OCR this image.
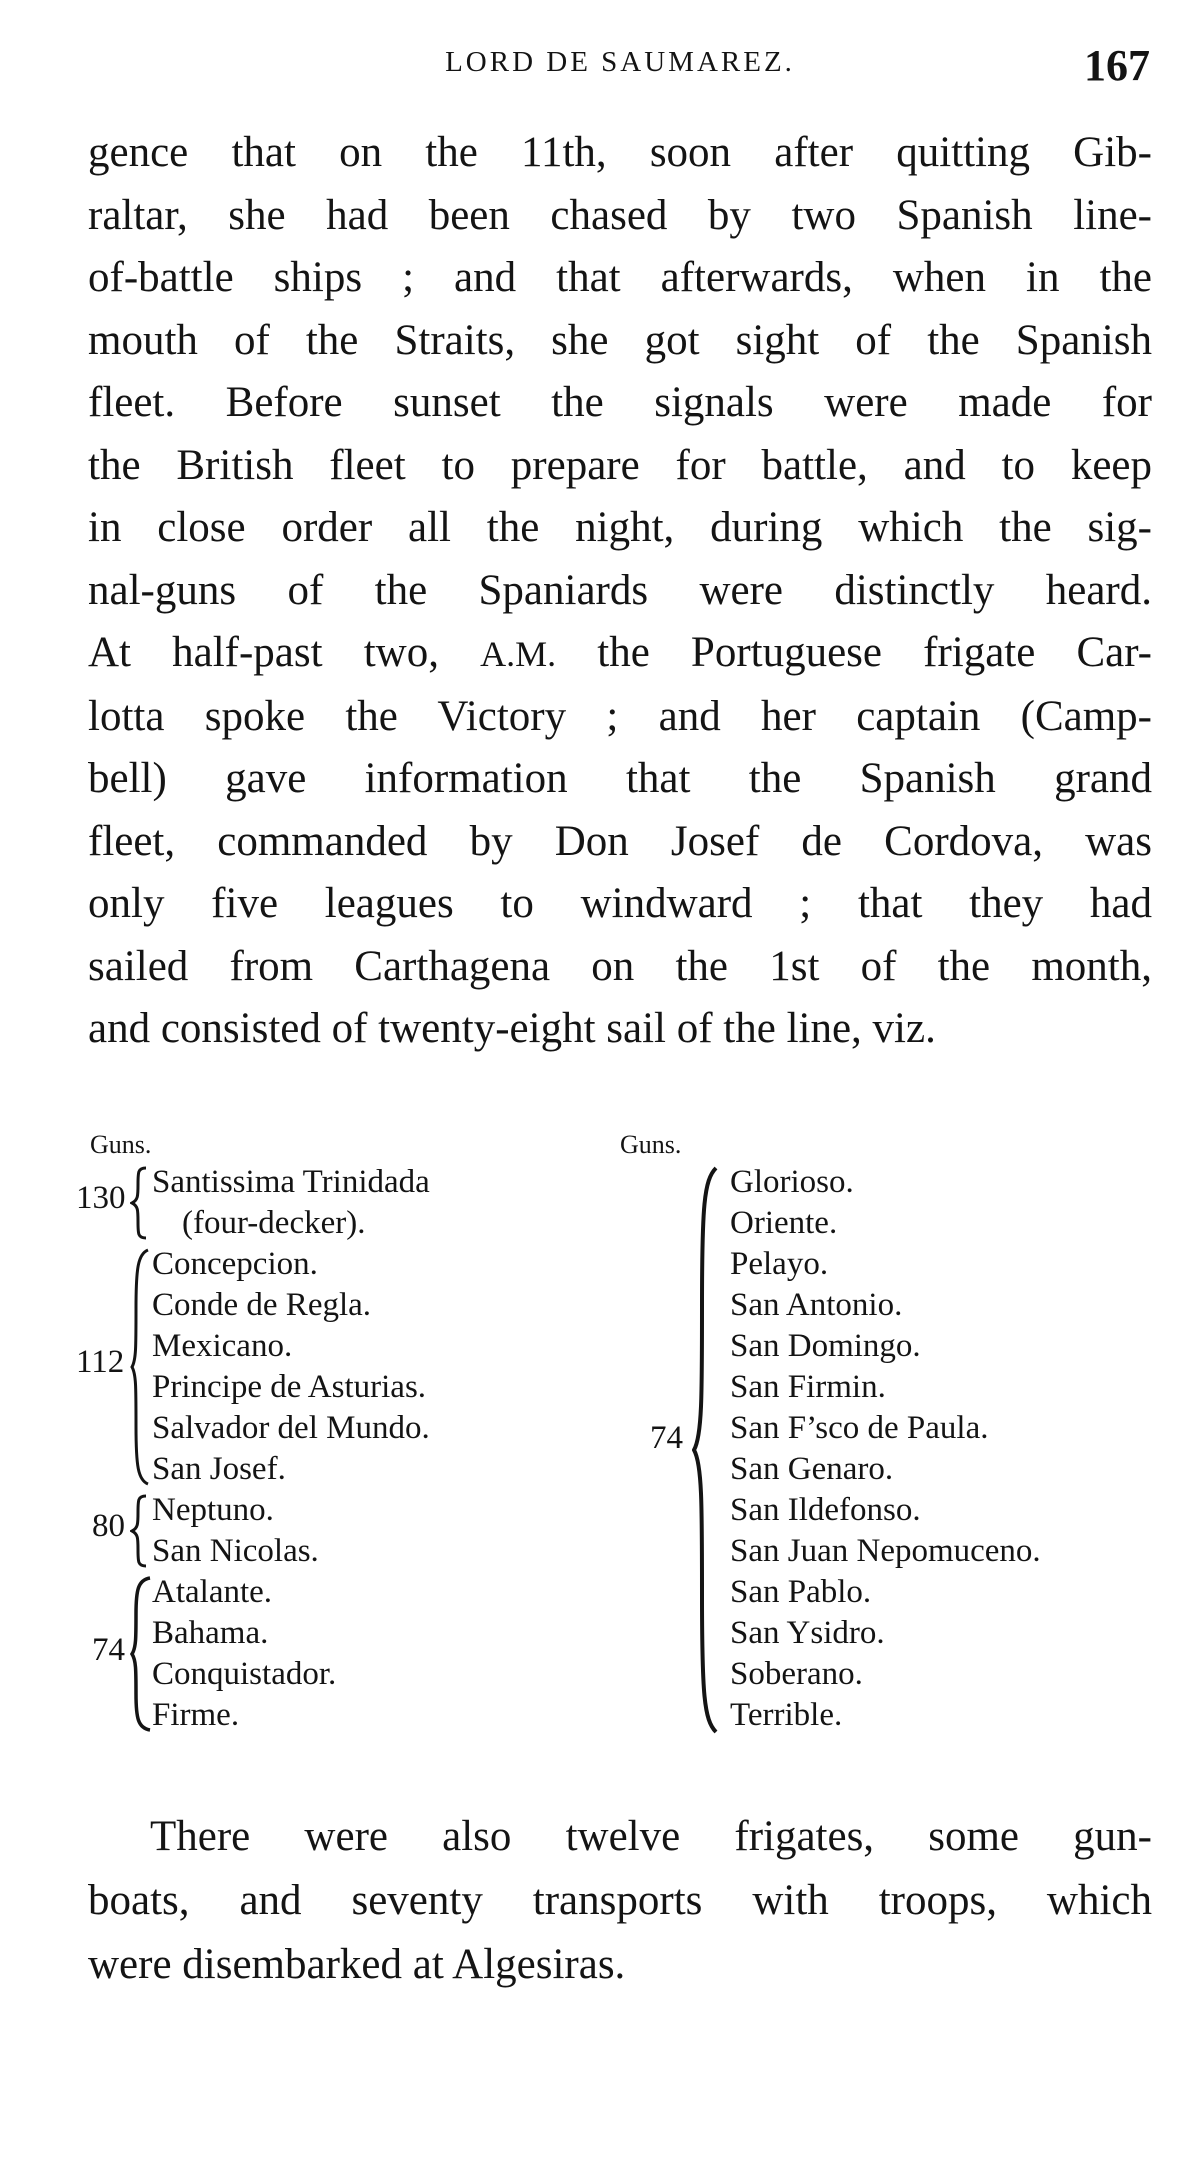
LORD DE SAUMAREZ.	167

gence that on the 11th, soon after quitting Gib-
raltar, she had been chased by two Spanish line-
of-battle ships ; and that afterwards, when in the
mouth of the Straits, she got sight of the Spanish
fleet. Before sunset the signals were made for
the British fleet to prepare for battle, and to keep
in close order all the night, during which the sig-
nal-guns of the Spaniards were distinctly heard.
At half-past two, A.M. the Portuguese frigate Car-
lotta spoke the Victory ; and her captain (Camp-
bell) gave information that the Spanish grand
fleet, commanded by Don Josef de Cordova, was
only five leagues to windward ; that they had
sailed from Carthagena on the 1st of the month,
and consisted of twenty-eight sail of the line, viz.

Guns.
130 Santissima Trinidada
(four-decker).
112
Concepcion.
Conde de Regla.
Mexicano.
Principe de Asturias.
Salvador del Mundo.
San Josef.
80 Neptuno.
San Nicolas.
74
Atalante.
Bahama.
Conquistador.
Firme.
Guns.
74
Glorioso.
Oriente.
Pelayo.
San Antonio.
San Domingo.
San Firmin.
San F’sco de Paula.
San Genaro.
San Ildefonso.
San Juan Nepomuceno.
San Pablo.
San Ysidro.
Soberano.
Terrible.

There were also twelve frigates, some gun-
boats, and seventy transports with troops, which
were disembarked at Algesiras.
